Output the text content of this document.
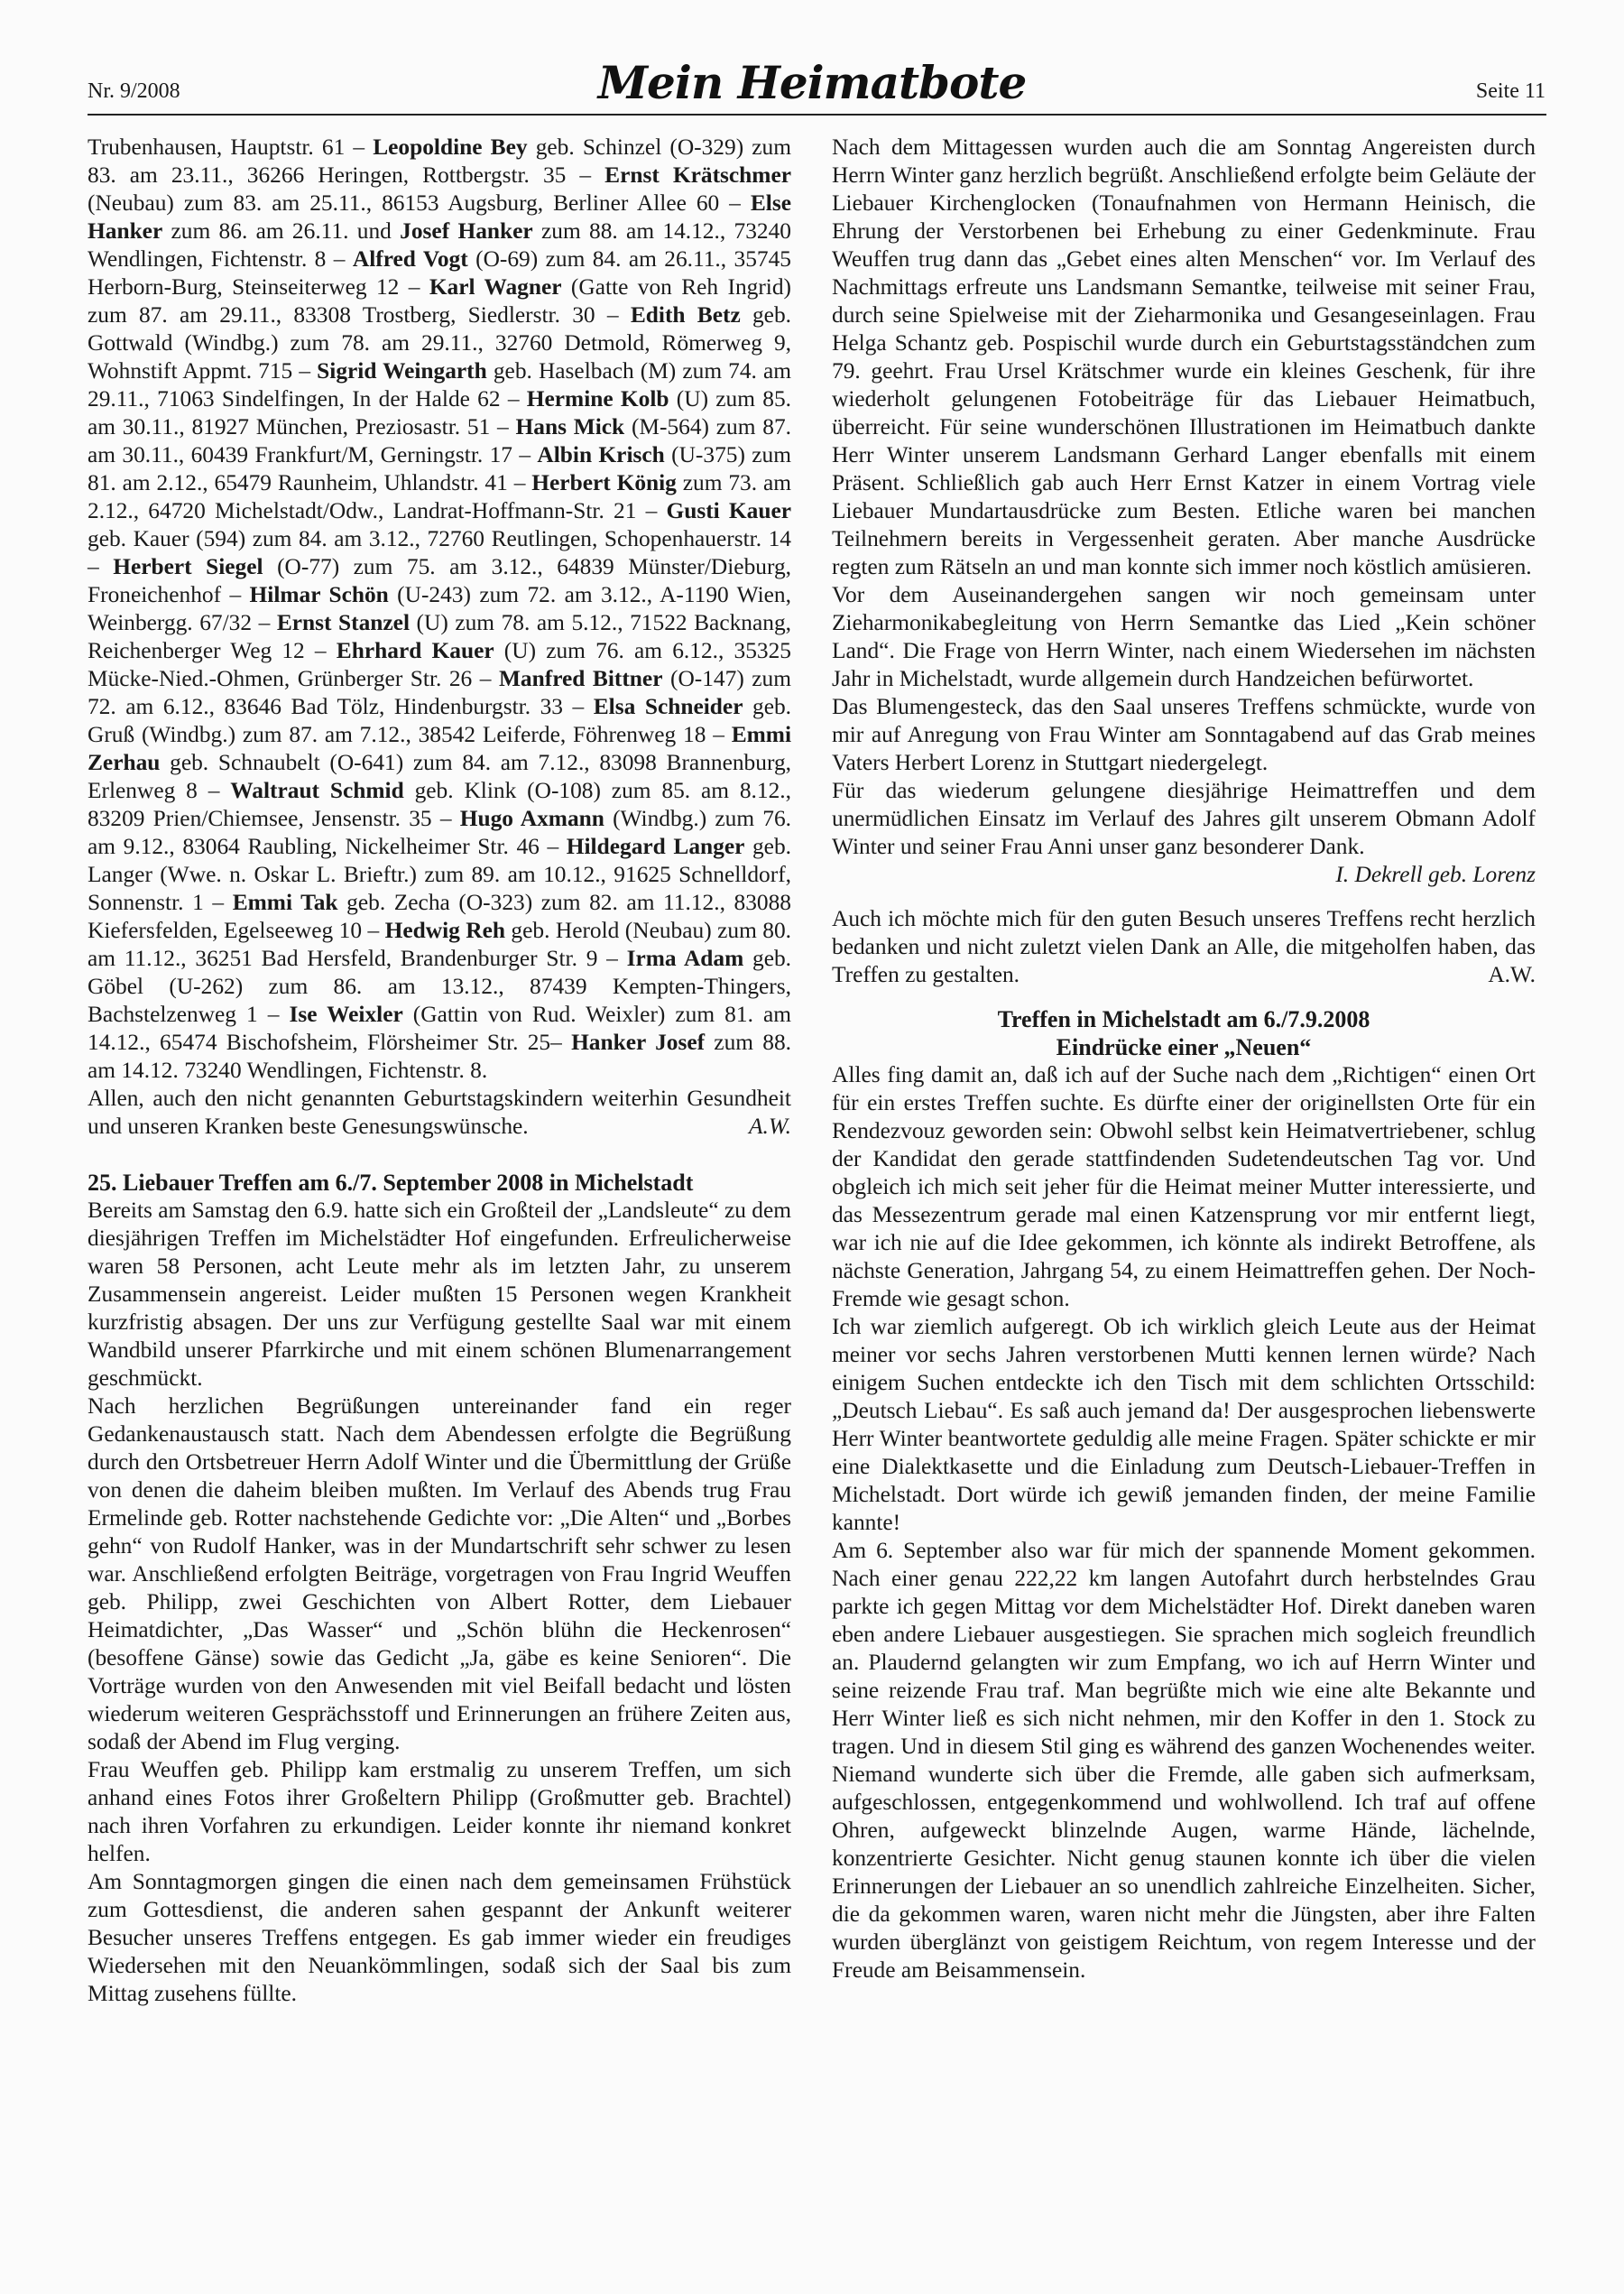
Nr. 9/2008	Mein Heimatbote	Seite 11

Trubenhausen, Hauptstr. 61 – Leopoldine Bey geb. Schinzel (O-329) zum 83. am 23.11., 36266 Heringen, Rottbergstr. 35 – Ernst Krätschmer (Neubau) zum 83. am 25.11., 86153 Augsburg, Berliner Allee 60 – Else Hanker zum 86. am 26.11. und Josef Hanker zum 88. am 14.12., 73240 Wendlingen, Fichtenstr. 8 – Alfred Vogt (O-69) zum 84. am 26.11., 35745 Herborn-Burg, Steinseiterweg 12 – Karl Wagner (Gatte von Reh Ingrid) zum 87. am 29.11., 83308 Trostberg, Siedlerstr. 30 – Edith Betz geb. Gottwald (Windbg.) zum 78. am 29.11., 32760 Detmold, Römerweg 9, Wohnstift Appmt. 715 – Sigrid Weingarth geb. Haselbach (M) zum 74. am 29.11., 71063 Sindelfingen, In der Halde 62 – Hermine Kolb (U) zum 85. am 30.11., 81927 München, Preziosastr. 51 – Hans Mick (M-564) zum 87. am 30.11., 60439 Frankfurt/M, Gerningstr. 17 – Albin Krisch (U-375) zum 81. am 2.12., 65479 Raunheim, Uhlandstr. 41 – Herbert König zum 73. am 2.12., 64720 Michelstadt/Odw., Landrat-Hoffmann-Str. 21 – Gusti Kauer geb. Kauer (594) zum 84. am 3.12., 72760 Reutlingen, Schopenhauerstr. 14 – Herbert Siegel (O-77) zum 75. am 3.12., 64839 Münster/Dieburg, Froneichenhof – Hilmar Schön (U-243) zum 72. am 3.12., A-1190 Wien, Weinbergg. 67/32 – Ernst Stanzel (U) zum 78. am 5.12., 71522 Backnang, Reichenberger Weg 12 – Ehrhard Kauer (U) zum 76. am 6.12., 35325 Mücke-Nied.-Ohmen, Grünberger Str. 26 – Manfred Bittner (O-147) zum 72. am 6.12., 83646 Bad Tölz, Hindenburgstr. 33 – Elsa Schneider geb. Gruß (Windbg.) zum 87. am 7.12., 38542 Leiferde, Föhrenweg 18 – Emmi Zerhau geb. Schnaubelt (O-641) zum 84. am 7.12., 83098 Brannenburg, Erlenweg 8 – Waltraut Schmid geb. Klink (O-108) zum 85. am 8.12., 83209 Prien/Chiemsee, Jensenstr. 35 – Hugo Axmann (Windbg.) zum 76. am 9.12., 83064 Raubling, Nickelheimer Str. 46 – Hildegard Langer geb. Langer (Wwe. n. Oskar L. Brieftr.) zum 89. am 10.12., 91625 Schnelldorf, Sonnenstr. 1 – Emmi Tak geb. Zecha (O-323) zum 82. am 11.12., 83088 Kiefersfelden, Egelseeweg 10 – Hedwig Reh geb. Herold (Neubau) zum 80. am 11.12., 36251 Bad Hersfeld, Brandenburger Str. 9 – Irma Adam geb. Göbel (U-262) zum 86. am 13.12., 87439 Kempten-Thingers, Bachstelzenweg 1 – Ise Weixler (Gattin von Rud. Weixler) zum 81. am 14.12., 65474 Bischofsheim, Flörsheimer Str. 25– Hanker Josef zum 88. am 14.12. 73240 Wendlingen, Fichtenstr. 8.

Allen, auch den nicht genannten Geburtstagskindern weiterhin Gesundheit und unseren Kranken beste Genesungswünsche.	A.W.
25. Liebauer Treffen am 6./7. September 2008 in Michelstadt

Bereits am Samstag den 6.9. hatte sich ein Großteil der „Landsleute“ zu dem diesjährigen Treffen im Michelstädter Hof eingefunden. Erfreulicherweise waren 58 Personen, acht Leute mehr als im letzten Jahr, zu unserem Zusammensein angereist. Leider mußten 15 Personen wegen Krankheit kurzfristig absagen. Der uns zur Verfügung gestellte Saal war mit einem Wandbild unserer Pfarrkirche und mit einem schönen Blumenarrangement geschmückt.

Nach herzlichen Begrüßungen untereinander fand ein reger Gedankenaustausch statt. Nach dem Abendessen erfolgte die Begrüßung durch den Ortsbetreuer Herrn Adolf Winter und die Übermittlung der Grüße von denen die daheim bleiben mußten. Im Verlauf des Abends trug Frau Ermelinde geb. Rotter nachstehende Gedichte vor: „Die Alten“ und „Borbes gehn“ von Rudolf Hanker, was in der Mundartschrift sehr schwer zu lesen war. Anschließend erfolgten Beiträge, vorgetragen von Frau Ingrid Weuffen geb. Philipp, zwei Geschichten von Albert Rotter, dem Liebauer Heimatdichter, „Das Wasser“ und „Schön blühn die Heckenrosen“ (besoffene Gänse) sowie das Gedicht „Ja, gäbe es keine Senioren“. Die Vorträge wurden von den Anwesenden mit viel Beifall bedacht und lösten wiederum weiteren Gesprächsstoff und Erinnerungen an frühere Zeiten aus, sodaß der Abend im Flug verging.

Frau Weuffen geb. Philipp kam erstmalig zu unserem Treffen, um sich anhand eines Fotos ihrer Großeltern Philipp (Großmutter geb. Brachtel) nach ihren Vorfahren zu erkundigen. Leider konnte ihr niemand konkret helfen.

Am Sonntagmorgen gingen die einen nach dem gemeinsamen Frühstück zum Gottesdienst, die anderen sahen gespannt der Ankunft weiterer Besucher unseres Treffens entgegen. Es gab immer wieder ein freudiges Wiedersehen mit den Neuankömmlingen, sodaß sich der Saal bis zum Mittag zusehens füllte.

Nach dem Mittagessen wurden auch die am Sonntag Angereisten durch Herrn Winter ganz herzlich begrüßt. Anschließend erfolgte beim Geläute der Liebauer Kirchenglocken (Tonaufnahmen von Hermann Heinisch, die Ehrung der Verstorbenen bei Erhebung zu einer Gedenkminute. Frau Weuffen trug dann das „Gebet eines alten Menschen“ vor. Im Verlauf des Nachmittags erfreute uns Landsmann Semantke, teilweise mit seiner Frau, durch seine Spielweise mit der Zieharmonika und Gesangeseinlagen. Frau Helga Schantz geb. Pospischil wurde durch ein Geburtstagsständchen zum 79. geehrt. Frau Ursel Krätschmer wurde ein kleines Geschenk, für ihre wiederholt gelungenen Fotobeiträge für das Liebauer Heimatbuch, überreicht. Für seine wunderschönen Illustrationen im Heimatbuch dankte Herr Winter unserem Landsmann Gerhard Langer ebenfalls mit einem Präsent. Schließlich gab auch Herr Ernst Katzer in einem Vortrag viele Liebauer Mundartausdrücke zum Besten. Etliche waren bei manchen Teilnehmern bereits in Vergessenheit geraten. Aber manche Ausdrücke regten zum Rätseln an und man konnte sich immer noch köstlich amüsieren.

Vor dem Auseinandergehen sangen wir noch gemeinsam unter Zieharmonikabegleitung von Herrn Semantke das Lied „Kein schöner Land“. Die Frage von Herrn Winter, nach einem Wiedersehen im nächsten Jahr in Michelstadt, wurde allgemein durch Handzeichen befürwortet.

Das Blumengesteck, das den Saal unseres Treffens schmückte, wurde von mir auf Anregung von Frau Winter am Sonntagabend auf das Grab meines Vaters Herbert Lorenz in Stuttgart niedergelegt.

Für das wiederum gelungene diesjährige Heimattreffen und dem unermüdlichen Einsatz im Verlauf des Jahres gilt unserem Obmann Adolf Winter und seiner Frau Anni unser ganz besonderer Dank.

I. Dekrell geb. Lorenz

Auch ich möchte mich für den guten Besuch unseres Treffens recht herzlich bedanken und nicht zuletzt vielen Dank an Alle, die mitgeholfen haben, das Treffen zu gestalten.	A.W.
Treffen in Michelstadt am 6./7.9.2008
Eindrücke einer „Neuen“

Alles fing damit an, daß ich auf der Suche nach dem „Richtigen“ einen Ort für ein erstes Treffen suchte. Es dürfte einer der originellsten Orte für ein Rendezvouz geworden sein: Obwohl selbst kein Heimatvertriebener, schlug der Kandidat den gerade stattfindenden Sudetendeutschen Tag vor. Und obgleich ich mich seit jeher für die Heimat meiner Mutter interessierte, und das Messezentrum gerade mal einen Katzensprung vor mir entfernt liegt, war ich nie auf die Idee gekommen, ich könnte als indirekt Betroffene, als nächste Generation, Jahrgang 54, zu einem Heimattreffen gehen. Der Noch-Fremde wie gesagt schon.

Ich war ziemlich aufgeregt. Ob ich wirklich gleich Leute aus der Heimat meiner vor sechs Jahren verstorbenen Mutti kennen lernen würde? Nach einigem Suchen entdeckte ich den Tisch mit dem schlichten Ortsschild: „Deutsch Liebau“. Es saß auch jemand da! Der ausgesprochen liebenswerte Herr Winter beantwortete geduldig alle meine Fragen. Später schickte er mir eine Dialektkasette und die Einladung zum Deutsch-Liebauer-Treffen in Michelstadt. Dort würde ich gewiß jemanden finden, der meine Familie kannte!

Am 6. September also war für mich der spannende Moment gekommen. Nach einer genau 222,22 km langen Autofahrt durch herbstelndes Grau parkte ich gegen Mittag vor dem Michelstädter Hof. Direkt daneben waren eben andere Liebauer ausgestiegen. Sie sprachen mich sogleich freundlich an. Plaudernd gelangten wir zum Empfang, wo ich auf Herrn Winter und seine reizende Frau traf. Man begrüßte mich wie eine alte Bekannte und Herr Winter ließ es sich nicht nehmen, mir den Koffer in den 1. Stock zu tragen. Und in diesem Stil ging es während des ganzen Wochenendes weiter. Niemand wunderte sich über die Fremde, alle gaben sich aufmerksam, aufgeschlossen, entgegenkommend und wohlwollend. Ich traf auf offene Ohren, aufgeweckt blinzelnde Augen, warme Hände, lächelnde, konzentrierte Gesichter. Nicht genug staunen konnte ich über die vielen Erinnerungen der Liebauer an so unendlich zahlreiche Einzelheiten. Sicher, die da gekommen waren, waren nicht mehr die Jüngsten, aber ihre Falten wurden überglänzt von geistigem Reichtum, von regem Interesse und der Freude am Beisammensein.
